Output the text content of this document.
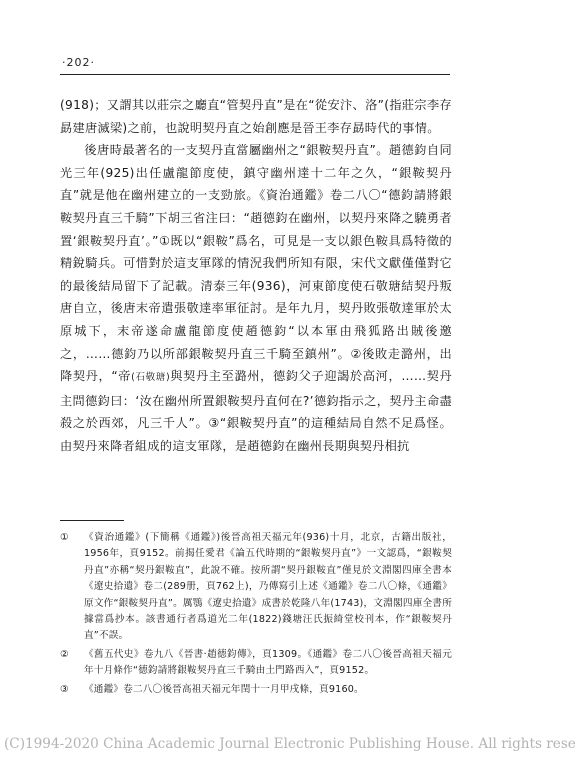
·202·

(918)；又謂其以莊宗之廳直“管契丹直”是在“從安汴、洛”(指莊宗李存勗建唐滅梁)之前，也說明契丹直之始創應是晉王李存勗時代的事情。

後唐時最著名的一支契丹直當屬幽州之“銀鞍契丹直”。趙德鈞自同光三年(925)出任盧龍節度使，鎮守幽州達十二年之久，“銀鞍契丹直”就是他在幽州建立的一支勁旅。《資治通鑑》卷二八〇“德鈞請將銀鞍契丹直三千騎”下胡三省注曰：“趙德鈞在幽州，以契丹來降之驍勇者置‘銀鞍契丹直’。”①既以“銀鞍”爲名，可見是一支以銀色鞍具爲特徵的精銳騎兵。可惜對於這支軍隊的情況我們所知有限，宋代文獻僅僅對它的最後結局留下了記載。清泰三年(936)，河東節度使石敬瑭結契丹叛唐自立，後唐末帝遣張敬達率軍征討。是年九月，契丹敗張敬達軍於太原城下，末帝遂命盧龍節度使趙德鈞“以本軍由飛狐路出賊後邀之，……德鈞乃以所部銀鞍契丹直三千騎至鎮州”。②後敗走潞州，出降契丹，“帝(石敬瑭)與契丹主至潞州，德鈞父子迎謁於高河，……契丹主問德鈞曰：‘汝在幽州所置銀鞍契丹直何在?’德鈞指示之，契丹主命盡殺之於西郊，凡三千人”。③“銀鞍契丹直”的這種結局自然不足爲怪。由契丹來降者組成的這支軍隊，是趙德鈞在幽州長期與契丹相抗

①	《資治通鑑》(下簡稱《通鑑》)後晉高祖天福元年(936)十月，北京，古籍出版社，1956年，頁9152。前揭任愛君《論五代時期的“銀鞍契丹直”》一文認爲，“銀鞍契丹直”亦稱“契丹銀鞍直”，此說不確。按所謂“契丹銀鞍直”僅見於文淵閣四庫全書本《遼史拾遺》卷二(289册，頁762上)，乃傳寫引上述《通鑑》卷二八〇條，《通鑑》原文作“銀鞍契丹直”。厲鶚《遼史拾遺》成書於乾隆八年(1743)，文淵閣四庫全書所據當爲抄本。該書通行者爲道光二年(1822)錢塘汪氏振綺堂校刊本，作“銀鞍契丹直”不誤。
②	《舊五代史》卷九八《晉書·趙德鈞傳》，頁1309。《通鑑》卷二八〇後晉高祖天福元年十月條作“德鈞請將銀鞍契丹直三千騎由土門路西入”，頁9152。
③	《通鑑》卷二八〇後晉高祖天福元年閏十一月甲戌條，頁9160。
(C)1994-2020 China Academic Journal Electronic Publishing House. All rights rese
